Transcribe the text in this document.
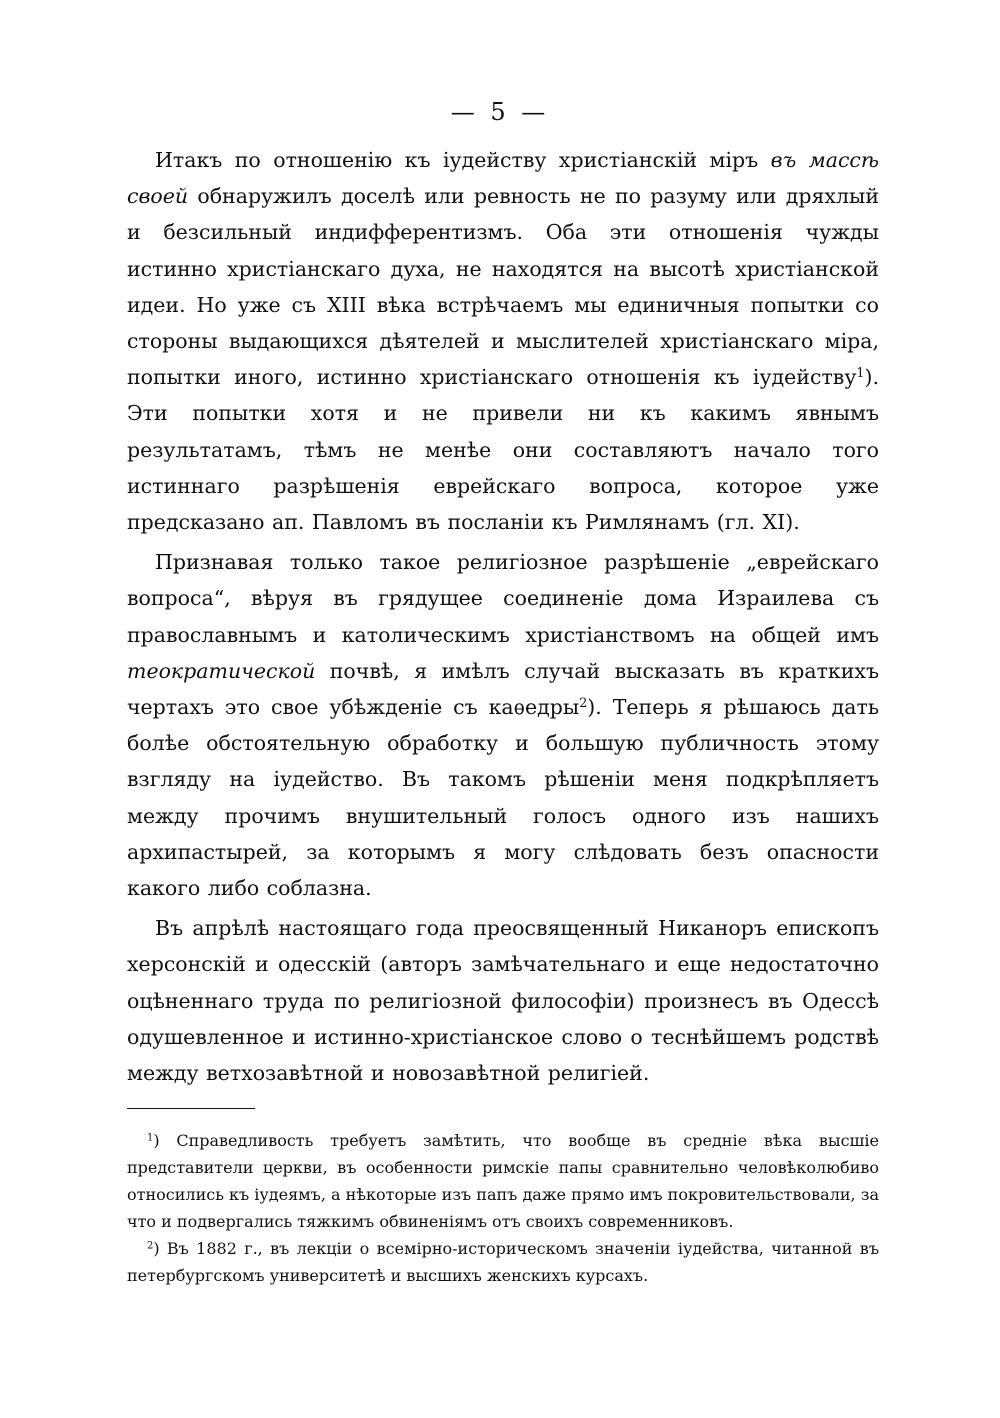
— 5 —

Итакъ по отношенію къ іудейству христіанскій міръ въ массѣ своей обнаружилъ доселѣ или ревность не по разуму или дряхлый и безсильный индифферентизмъ. Оба эти отношенія чужды истинно христіанскаго духа, не находятся на высотѣ христіанской идеи. Но уже съ XIII вѣка встрѣчаемъ мы единичныя попытки со стороны выдающихся дѣятелей и мыслителей христіанскаго міра, попытки иного, истинно христіанскаго отношенія къ іудейству$^1$). Эти попытки хотя и не привели ни къ какимъ явнымъ результатамъ, тѣмъ не менѣе они составляютъ начало того истиннаго разрѣшенія еврейскаго вопроса, которое уже предсказано ап. Павломъ въ посланіи къ Римлянамъ (гл. XI).

Признавая только такое религіозное разрѣшеніе „еврейскаго вопроса“, вѣруя въ грядущее соединеніе дома Израилева съ православнымъ и католическимъ христіанствомъ на общей имъ теократической почвѣ, я имѣлъ случай высказать въ краткихъ чертахъ это свое убѣжденіе съ каѳедры$^2$). Теперь я рѣшаюсь дать болѣе обстоятельную обработку и большую публичность этому взгляду на іудейство. Въ такомъ рѣшеніи меня подкрѣпляетъ между прочимъ внушительный голосъ одного изъ нашихъ архипастырей, за которымъ я могу слѣдовать безъ опасности какого либо соблазна.

Въ апрѣлѣ настоящаго года преосвященный Никаноръ епископъ херсонскій и одесскій (авторъ замѣчательнаго и еще недостаточно оцѣненнаго труда по религіозной философіи) произнесъ въ Одессѣ одушевленное и истинно-христіанское слово о теснѣйшемъ родствѣ между ветхозавѣтной и новозавѣтной религіей.

$^1$) Справедливость требуетъ замѣтить, что вообще въ средніе вѣка высшіе представители церкви, въ особенности римскіе папы сравнительно человѣколюбиво относились къ іудеямъ, а нѣкоторые изъ папъ даже прямо имъ покровительствовали, за что и подвергались тяжкимъ обвиненіямъ отъ своихъ современниковъ.

$^2$) Въ 1882 г., въ лекціи о всемірно-историческомъ значеніи іудейства, читанной въ петербургскомъ университетѣ и высшихъ женскихъ курсахъ.
